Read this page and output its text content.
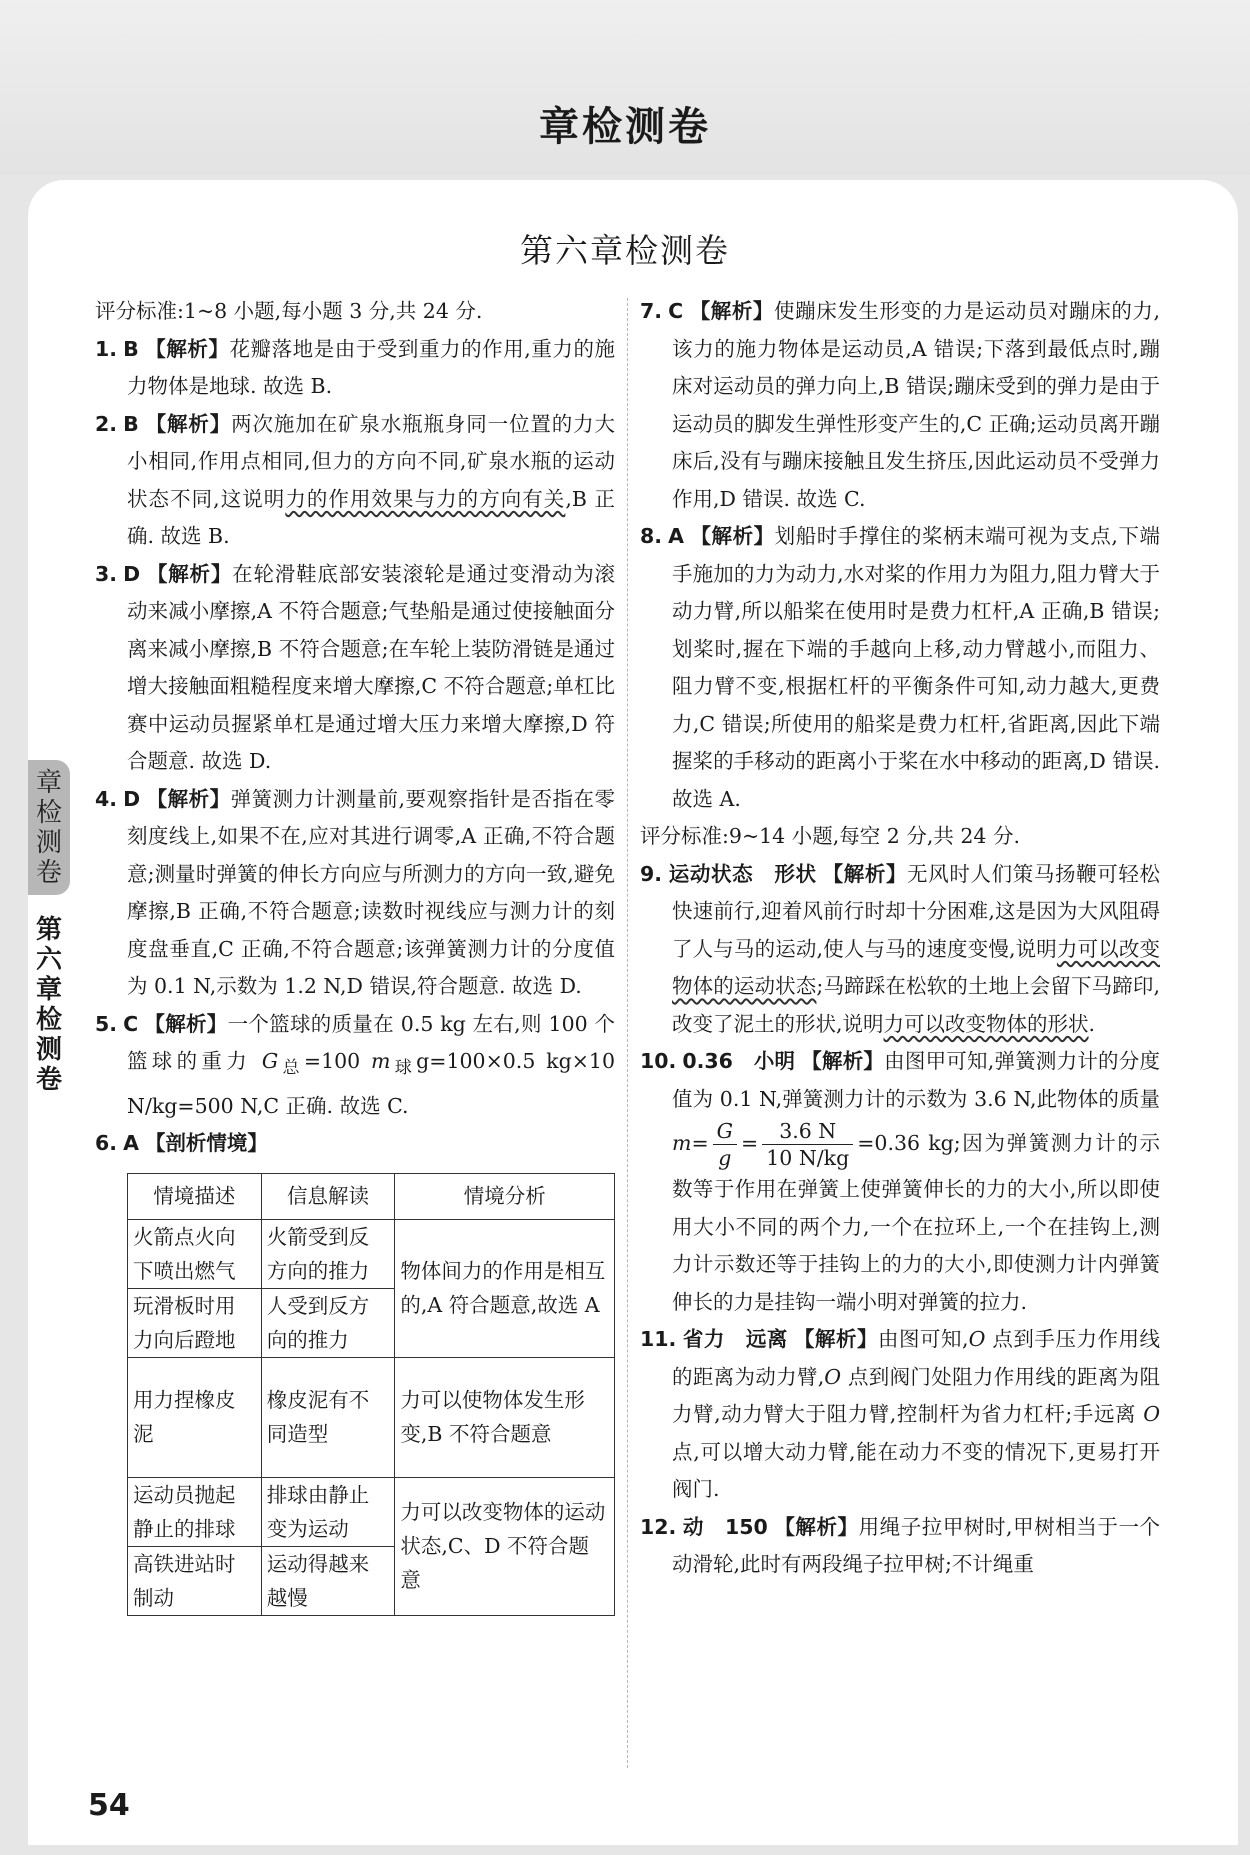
章检测卷
第六章检测卷
评分标准:1~8 小题,每小题 3 分,共 24 分.
1. B 【解析】花瓣落地是由于受到重力的作用,重力的施力物体是地球. 故选 B.
2. B 【解析】两次施加在矿泉水瓶瓶身同一位置的力大小相同,作用点相同,但力的方向不同,矿泉水瓶的运动状态不同,这说明力的作用效果与力的方向有关,B 正确. 故选 B.
3. D 【解析】在轮滑鞋底部安装滚轮是通过变滑动为滚动来减小摩擦,A 不符合题意;气垫船是通过使接触面分离来减小摩擦,B 不符合题意;在车轮上装防滑链是通过增大接触面粗糙程度来增大摩擦,C 不符合题意;单杠比赛中运动员握紧单杠是通过增大压力来增大摩擦,D 符合题意. 故选 D.
4. D 【解析】弹簧测力计测量前,要观察指针是否指在零刻度线上,如果不在,应对其进行调零,A 正确,不符合题意;测量时弹簧的伸长方向应与所测力的方向一致,避免摩擦,B 正确,不符合题意;读数时视线应与测力计的刻度盘垂直,C 正确,不符合题意;该弹簧测力计的分度值为 0.1 N,示数为 1.2 N,D 错误,符合题意. 故选 D.
5. C 【解析】一个篮球的质量在 0.5 kg 左右,则 100 个篮球的重力 $G_总=100$ $m_球g=100\times 0.5$ kg×10 N/kg=500 N,C 正确. 故选 C.
6. A 【剖析情境】
情境描述	信息解读	情境分析
火箭点火向下喷出燃气	火箭受到反方向的推力	物体间力的作用是相互的,A 符合题意,故选 A
玩滑板时用力向后蹬地	人受到反方向的推力	
用力捏橡皮泥	橡皮泥有不同造型	力可以使物体发生形变,B 不符合题意
运动员抛起静止的排球	排球由静止变为运动	力可以改变物体的运动状态,C、D 不符合题意
高铁进站时制动	运动得越来越慢	
7. C 【解析】使蹦床发生形变的力是运动员对蹦床的力,该力的施力物体是运动员,A 错误;下落到最低点时,蹦床对运动员的弹力向上,B 错误;蹦床受到的弹力是由于运动员的脚发生弹性形变产生的,C 正确;运动员离开蹦床后,没有与蹦床接触且发生挤压,因此运动员不受弹力作用,D 错误. 故选 C.
8. A 【解析】划船时手撑住的桨柄末端可视为支点,下端手施加的力为动力,水对桨的作用力为阻力,阻力臂大于动力臂,所以船桨在使用时是费力杠杆,A 正确,B 错误;划桨时,握在下端的手越向上移,动力臂越小,而阻力、阻力臂不变,根据杠杆的平衡条件可知,动力越大,更费力,C 错误;所使用的船桨是费力杠杆,省距离,因此下端握桨的手移动的距离小于桨在水中移动的距离,D 错误. 故选 A.
评分标准:9~14 小题,每空 2 分,共 24 分.
9. 运动状态　形状 【解析】无风时人们策马扬鞭可轻松快速前行,迎着风前行时却十分困难,这是因为大风阻碍了人与马的运动,使人与马的速度变慢,说明力可以改变物体的运动状态;马蹄踩在松软的土地上会留下马蹄印,改变了泥土的形状,说明力可以改变物体的形状.
10. 0.36　小明 【解析】由图甲可知,弹簧测力计的分度值为 0.1 N,弹簧测力计的示数为 3.6 N,此物体的质量 $m= \frac{G}{g} = \frac{3.6 N}{10 N/kg} =0.36$ kg;因为弹簧测力计的示数等于作用在弹簧上使弹簧伸长的力的大小,所以即使用大小不同的两个力,一个在拉环上,一个在挂钩上,测力计示数还等于挂钩上的力的大小,即使测力计内弹簧伸长的力是挂钩一端小明对弹簧的拉力.
11. 省力　远离 【解析】由图可知,O 点到手压力作用线的距离为动力臂,O 点到阀门处阻力作用线的距离为阻力臂,动力臂大于阻力臂,控制杆为省力杠杆;手远离 O 点,可以增大动力臂,能在动力不变的情况下,更易打开阀门.
12. 动　150 【解析】用绳子拉甲树时,甲树相当于一个动滑轮,此时有两段绳子拉甲树;不计绳重
章检测卷
第六章检测卷
54
